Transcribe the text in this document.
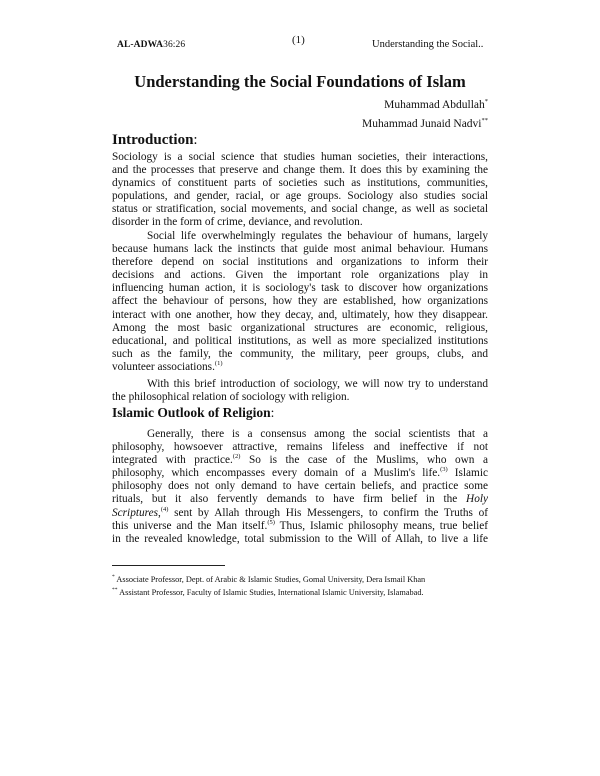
AL-ADWA36:26	(1)	Understanding the Social..
Understanding the Social Foundations of Islam
Muhammad Abdullah*
Muhammad Junaid Nadvi**
Introduction:
Sociology is a social science that studies human societies, their interactions,
and the processes that preserve and change them. It does this by examining the
dynamics of constituent parts of societies such as institutions, communities,
populations, and gender, racial, or age groups. Sociology also studies social
status or stratification, social movements, and social change, as well as societal
disorder in the form of crime, deviance, and revolution.
Social life overwhelmingly regulates the behaviour of humans, largely
because humans lack the instincts that guide most animal behaviour. Humans
therefore depend on social institutions and organizations to inform their
decisions and actions. Given the important role organizations play in
influencing human action, it is sociology's task to discover how organizations
affect the behaviour of persons, how they are established, how organizations
interact with one another, how they decay, and, ultimately, how they disappear.
Among the most basic organizational structures are economic, religious,
educational, and political institutions, as well as more specialized institutions
such as the family, the community, the military, peer groups, clubs, and
volunteer associations.$^{(1)}$
With this brief introduction of sociology, we will now try to understand
the philosophical relation of sociology with religion.
Islamic Outlook of Religion:
Generally, there is a consensus among the social scientists that a
philosophy, howsoever attractive, remains lifeless and ineffective if not
integrated with practice.$^{(2)}$ So is the case of the Muslims, who own a
philosophy, which encompasses every domain of a Muslim's life.$^{(3)}$ Islamic
philosophy does not only demand to have certain beliefs, and practice some
rituals, but it also fervently demands to have firm belief in the Holy
Scriptures,$^{(4)}$ sent by Allah through His Messengers, to confirm the Truths of
this universe and the Man itself.$^{(5)}$ Thus, Islamic philosophy means, true belief
in the revealed knowledge, total submission to the Will of Allah, to live a life
* Associate Professor, Dept. of Arabic & Islamic Studies, Gomal University, Dera Ismail Khan
** Assistant Professor, Faculty of Islamic Studies, International Islamic University, Islamabad.
